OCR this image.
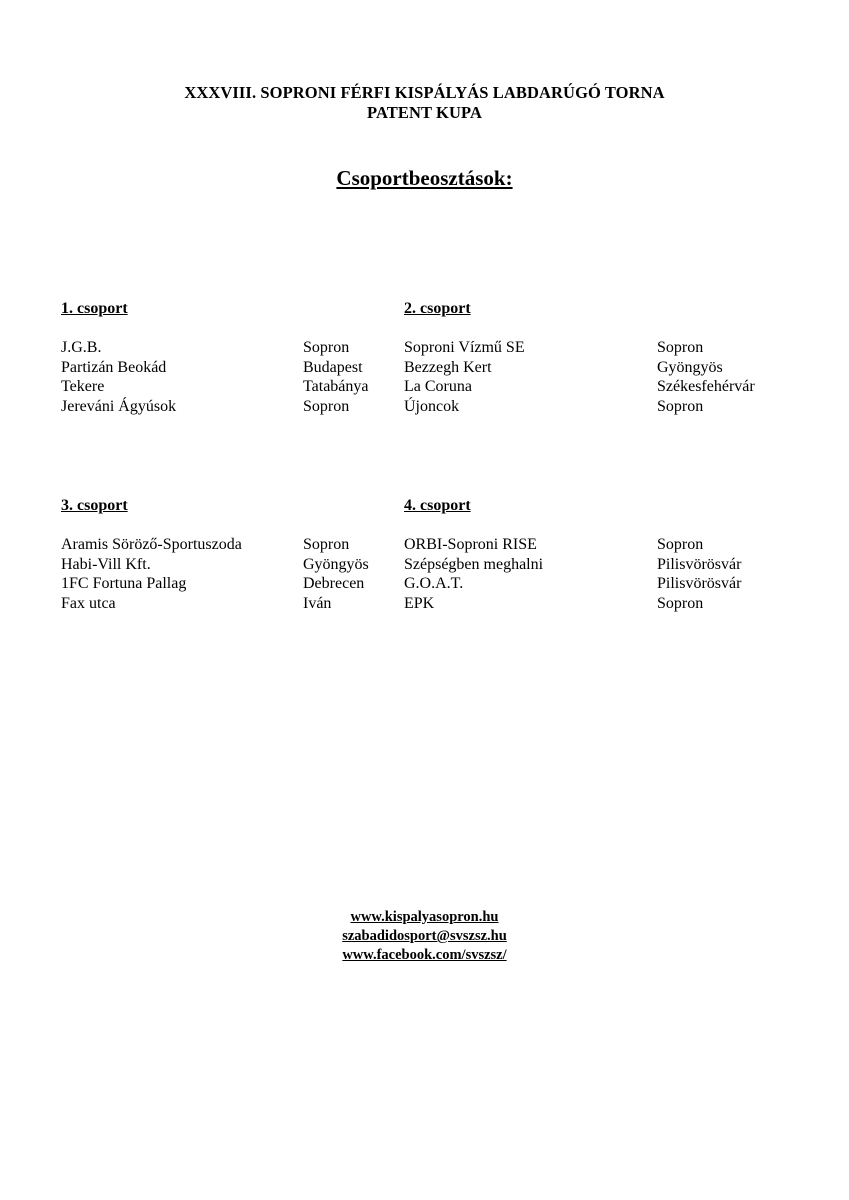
XXXVIII. SOPRONI FÉRFI KISPÁLYÁS LABDARÚGÓ TORNA
PATENT KUPA
Csoportbeosztások:
1. csoport
J.G.B.	Sopron
Partizán Beokád	Budapest
Tekere	Tatabánya
Jereváni Ágyúsok	Sopron
2. csoport
Soproni Vízmű SE	Sopron
Bezzegh Kert	Gyöngyös
La Coruna	Székesfehérvár
Újoncok	Sopron
3. csoport
Aramis Söröző-Sportuszoda	Sopron
Habi-Vill Kft.	Gyöngyös
1FC Fortuna Pallag	Debrecen
Fax utca	Iván
4. csoport
ORBI-Soproni RISE	Sopron
Szépségben meghalni	Pilisvörösvár
G.O.A.T.	Pilisvörösvár
EPK	Sopron
www.kispalyasopron.hu
szabadidosport@svszsz.hu
www.facebook.com/svszsz/
